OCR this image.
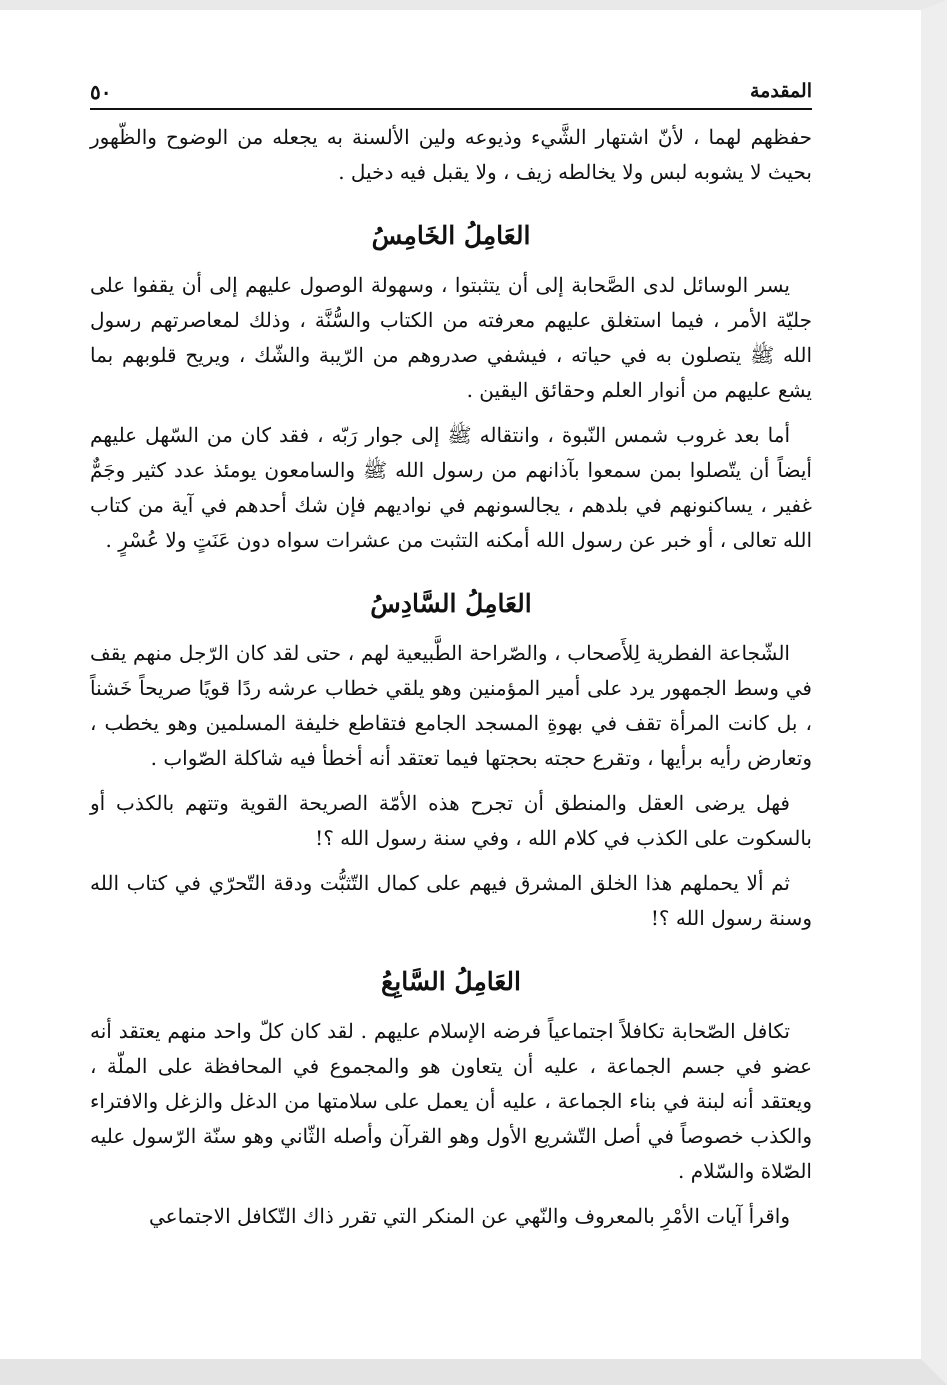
المقدمة
٥٠

حفظهم لهما ، لأنّ اشتهار الشَّيء وذيوعه ولين الألسنة به يجعله من الوضوح والظّهور بحيث لا يشوبه لبس ولا يخالطه زيف ، ولا يقبل فيه دخيل .

العَامِلُ الخَامِسُ

يسر الوسائل لدى الصَّحابة إلى أن يتثبتوا ، وسهولة الوصول عليهم إلى أن يقفوا على جليّة الأمر ، فيما استغلق عليهم معرفته من الكتاب والسُّنَّة ، وذلك لمعاصرتهم رسول الله ﷺ يتصلون به في حياته ، فيشفي صدروهم من الرّيبة والشّك ، ويريح قلوبهم بما يشع عليهم من أنوار العلم وحقائق اليقين .

أما بعد غروب شمس النّبوة ، وانتقاله ﷺ إلى جوار رَبّه ، فقد كان من السّهل عليهم أيضاً أن يتّصلوا بمن سمعوا بآذانهم من رسول الله ﷺ والسامعون يومئذ عدد كثير وجَمٌّ غفير ، يساكنونهم في بلدهم ، يجالسونهم في نواديهم فإن شك أحدهم في آية من كتاب الله تعالى ، أو خبر عن رسول الله أمكنه التثبت من عشرات سواه دون عَنَتٍ ولا عُسْرٍ .

العَامِلُ السَّادِسُ

الشّجاعة الفطرية لِلأَصحاب ، والصّراحة الطَّبيعية لهم ، حتى لقد كان الرّجل منهم يقف في وسط الجمهور يرد على أمير المؤمنين وهو يلقي خطاب عرشه ردًا قويًا صريحاً خَشناً ، بل كانت المرأة تقف في بهوةِ المسجد الجامع فتقاطع خليفة المسلمين وهو يخطب ، وتعارض رأيه برأيها ، وتقرع حجته بحجتها فيما تعتقد أنه أخطأ فيه شاكلة الصّواب .

فهل يرضى العقل والمنطق أن تجرح هذه الأمّة الصريحة القوية وتتهم بالكذب أو بالسكوت على الكذب في كلام الله ، وفي سنة رسول الله ؟!

ثم ألا يحملهم هذا الخلق المشرق فيهم على كمال التّثبُّت ودقة التّحرّي في كتاب الله وسنة رسول الله ؟!

العَامِلُ السَّابِعُ

تكافل الصّحابة تكافلاً اجتماعياً فرضه الإسلام عليهم . لقد كان كلّ واحد منهم يعتقد أنه عضو في جسم الجماعة ، عليه أن يتعاون هو والمجموع في المحافظة على الملّة ، ويعتقد أنه لبنة في بناء الجماعة ، عليه أن يعمل على سلامتها من الدغل والزغل والافتراء والكذب خصوصاً في أصل التّشريع الأول وهو القرآن وأصله الثّاني وهو سنّة الرّسول عليه الصّلاة والسّلام .

واقرأ آيات الأمْرِ بالمعروف والنّهي عن المنكر التي تقرر ذاك التّكافل الاجتماعي
